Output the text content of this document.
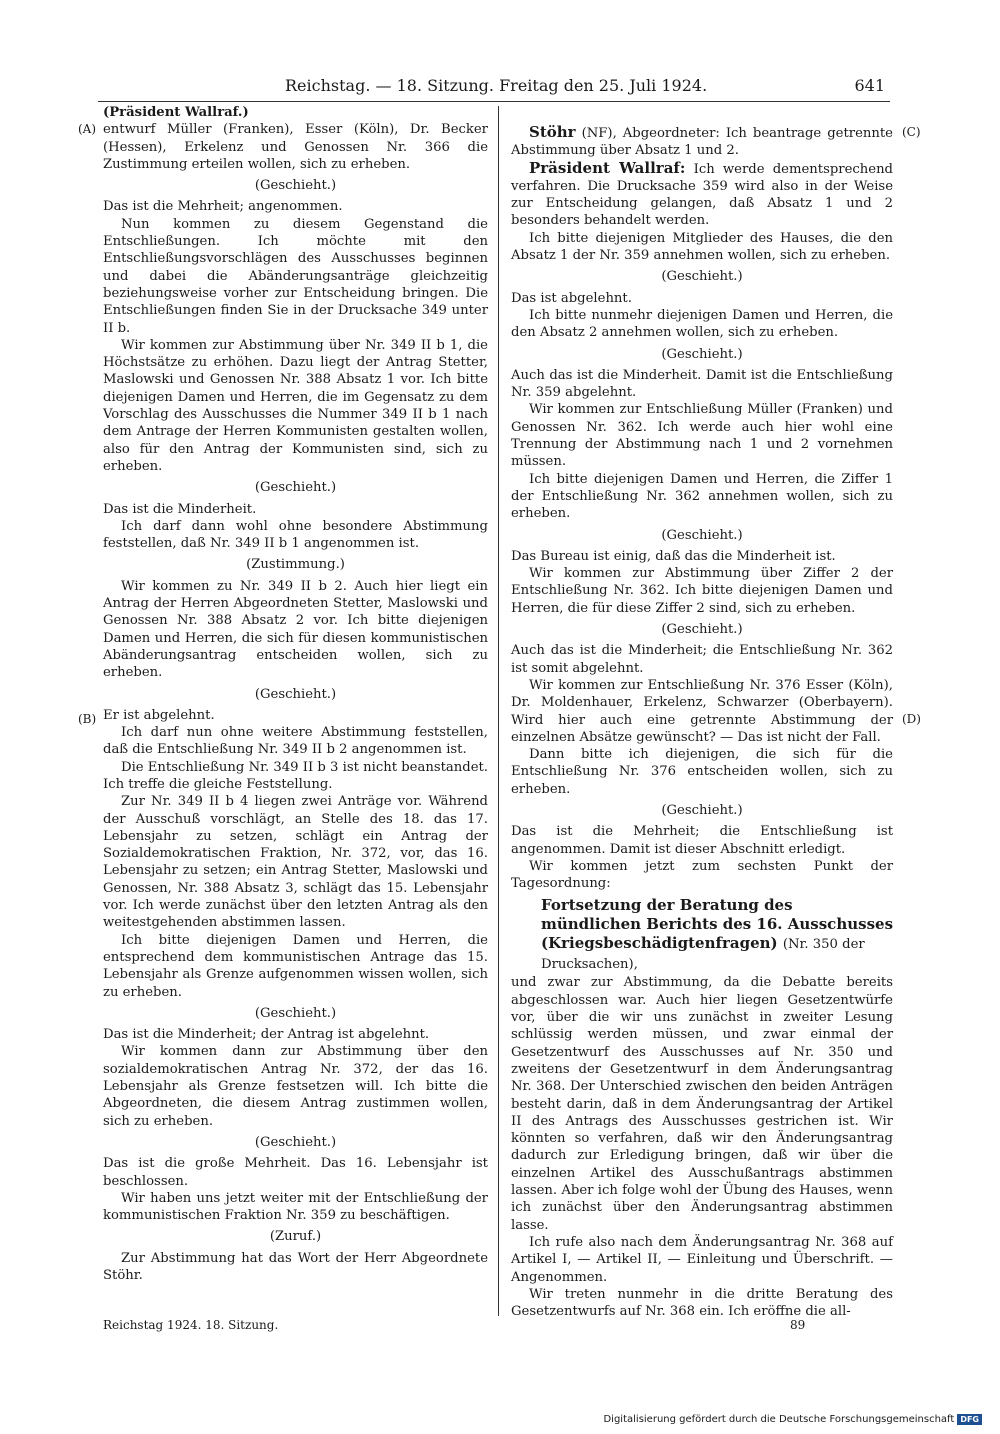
Reichstag. — 18. Sitzung. Freitag den 25. Juli 1924.	641
(A)
(B)
(C)
(D)

(Präsident Wallraf.)

entwurf Müller (Franken), Esser (Köln), Dr. Becker (Hessen), Erkelenz und Genossen Nr. 366 die Zustimmung erteilen wollen, sich zu erheben.

(Geschieht.)

Das ist die Mehrheit; angenommen.

Nun kommen zu diesem Gegenstand die Entschließungen. Ich möchte mit den Entschließungsvorschlägen des Ausschusses beginnen und dabei die Abänderungsanträge gleichzeitig beziehungsweise vorher zur Entscheidung bringen. Die Entschließungen finden Sie in der Drucksache 349 unter II b.

Wir kommen zur Abstimmung über Nr. 349 II b 1, die Höchstsätze zu erhöhen. Dazu liegt der Antrag Stetter, Maslowski und Genossen Nr. 388 Absatz 1 vor. Ich bitte diejenigen Damen und Herren, die im Gegensatz zu dem Vorschlag des Ausschusses die Nummer 349 II b 1 nach dem Antrage der Herren Kommunisten gestalten wollen, also für den Antrag der Kommunisten sind, sich zu erheben.

(Geschieht.)

Das ist die Minderheit.

Ich darf dann wohl ohne besondere Abstimmung feststellen, daß Nr. 349 II b 1 angenommen ist.

(Zustimmung.)

Wir kommen zu Nr. 349 II b 2. Auch hier liegt ein Antrag der Herren Abgeordneten Stetter, Maslowski und Genossen Nr. 388 Absatz 2 vor. Ich bitte diejenigen Damen und Herren, die sich für diesen kommunistischen Abänderungsantrag entscheiden wollen, sich zu erheben.

(Geschieht.)

Er ist abgelehnt.

Ich darf nun ohne weitere Abstimmung feststellen, daß die Entschließung Nr. 349 II b 2 angenommen ist.

Die Entschließung Nr. 349 II b 3 ist nicht beanstandet. Ich treffe die gleiche Feststellung.

Zur Nr. 349 II b 4 liegen zwei Anträge vor. Während der Ausschuß vorschlägt, an Stelle des 18. das 17. Lebensjahr zu setzen, schlägt ein Antrag der Sozialdemokratischen Fraktion, Nr. 372, vor, das 16. Lebensjahr zu setzen; ein Antrag Stetter, Maslowski und Genossen, Nr. 388 Absatz 3, schlägt das 15. Lebensjahr vor. Ich werde zunächst über den letzten Antrag als den weitestgehenden abstimmen lassen.

Ich bitte diejenigen Damen und Herren, die entsprechend dem kommunistischen Antrage das 15. Lebensjahr als Grenze aufgenommen wissen wollen, sich zu erheben.

(Geschieht.)

Das ist die Minderheit; der Antrag ist abgelehnt.

Wir kommen dann zur Abstimmung über den sozialdemokratischen Antrag Nr. 372, der das 16. Lebensjahr als Grenze festsetzen will. Ich bitte die Abgeordneten, die diesem Antrag zustimmen wollen, sich zu erheben.

(Geschieht.)

Das ist die große Mehrheit. Das 16. Lebensjahr ist beschlossen.

Wir haben uns jetzt weiter mit der Entschließung der kommunistischen Fraktion Nr. 359 zu beschäftigen.

(Zuruf.)

Zur Abstimmung hat das Wort der Herr Abgeordnete Stöhr.

Stöhr (NF), Abgeordneter: Ich beantrage getrennte Abstimmung über Absatz 1 und 2.

Präsident Wallraf: Ich werde dementsprechend verfahren. Die Drucksache 359 wird also in der Weise zur Entscheidung gelangen, daß Absatz 1 und 2 besonders behandelt werden.

Ich bitte diejenigen Mitglieder des Hauses, die den Absatz 1 der Nr. 359 annehmen wollen, sich zu erheben.

(Geschieht.)

Das ist abgelehnt.

Ich bitte nunmehr diejenigen Damen und Herren, die den Absatz 2 annehmen wollen, sich zu erheben.

(Geschieht.)

Auch das ist die Minderheit. Damit ist die Entschließung Nr. 359 abgelehnt.

Wir kommen zur Entschließung Müller (Franken) und Genossen Nr. 362. Ich werde auch hier wohl eine Trennung der Abstimmung nach 1 und 2 vornehmen müssen.

Ich bitte diejenigen Damen und Herren, die Ziffer 1 der Entschließung Nr. 362 annehmen wollen, sich zu erheben.

(Geschieht.)

Das Bureau ist einig, daß das die Minderheit ist.

Wir kommen zur Abstimmung über Ziffer 2 der Entschließung Nr. 362. Ich bitte diejenigen Damen und Herren, die für diese Ziffer 2 sind, sich zu erheben.

(Geschieht.)

Auch das ist die Minderheit; die Entschließung Nr. 362 ist somit abgelehnt.

Wir kommen zur Entschließung Nr. 376 Esser (Köln), Dr. Moldenhauer, Erkelenz, Schwarzer (Oberbayern). Wird hier auch eine getrennte Abstimmung der einzelnen Absätze gewünscht? — Das ist nicht der Fall.

Dann bitte ich diejenigen, die sich für die Entschließung Nr. 376 entscheiden wollen, sich zu erheben.

(Geschieht.)

Das ist die Mehrheit; die Entschließung ist angenommen. Damit ist dieser Abschnitt erledigt.

Wir kommen jetzt zum sechsten Punkt der Tagesordnung:

Fortsetzung der Beratung des mündlichen Berichts des 16. Ausschusses (Kriegsbeschädigtenfragen) (Nr. 350 der Drucksachen),

und zwar zur Abstimmung, da die Debatte bereits abgeschlossen war. Auch hier liegen Gesetzentwürfe vor, über die wir uns zunächst in zweiter Lesung schlüssig werden müssen, und zwar einmal der Gesetzentwurf des Ausschusses auf Nr. 350 und zweitens der Gesetzentwurf in dem Änderungsantrag Nr. 368. Der Unterschied zwischen den beiden Anträgen besteht darin, daß in dem Änderungsantrag der Artikel II des Antrags des Ausschusses gestrichen ist. Wir könnten so verfahren, daß wir den Änderungsantrag dadurch zur Erledigung bringen, daß wir über die einzelnen Artikel des Ausschußantrags abstimmen lassen. Aber ich folge wohl der Übung des Hauses, wenn ich zunächst über den Änderungsantrag abstimmen lasse.

Ich rufe also nach dem Änderungsantrag Nr. 368 auf Artikel I, — Artikel II, — Einleitung und Überschrift. — Angenommen.

Wir treten nunmehr in die dritte Beratung des Gesetzentwurfs auf Nr. 368 ein. Ich eröffne die all-

Reichstag 1924. 18. Sitzung.	89
Digitalisierung gefördert durch die Deutsche Forschungsgemeinschaft DFG
